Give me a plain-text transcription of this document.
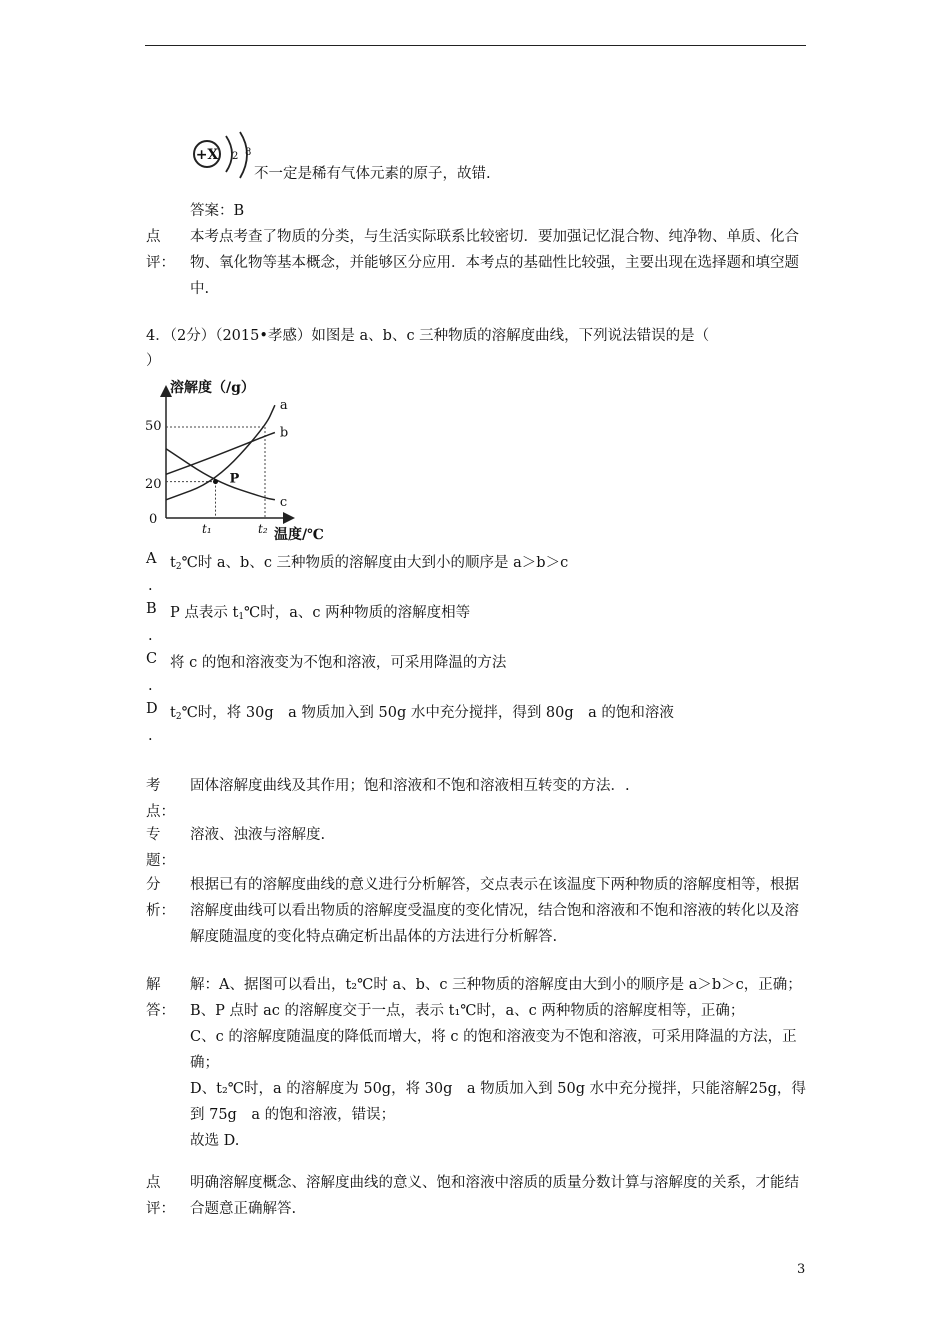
+X 2 8
不一定是稀有气体元素的原子，故错.
答案：B
点
评：
本考点考查了物质的分类，与生活实际联系比较密切．要加强记忆混合物、纯净物、单质、化合物、氧化物等基本概念，并能够区分应用．本考点的基础性比较强，主要出现在选择题和填空题中.
4．（2分）（2015•孝感）如图是 a、b、c 三种物质的溶解度曲线，下列说法错误的是（
）
溶解度（/g）
温度/℃
50
20
0
t₁	t₂
a
b
c
P
A $t_2℃$时 a、b、c 三种物质的溶解度由大到小的顺序是 a＞b＞c
.
B P 点表示 $t_1℃$时，a、c 两种物质的溶解度相等
.
C 将 c 的饱和溶液变为不饱和溶液，可采用降温的方法
.
D $t_2℃$时，将 30g　a 物质加入到 50g 水中充分搅拌，得到 80g　a 的饱和溶液
.
考
点：
固体溶解度曲线及其作用；饱和溶液和不饱和溶液相互转变的方法．.
专
题：
溶液、浊液与溶解度.
分
析：
根据已有的溶解度曲线的意义进行分析解答，交点表示在该温度下两种物质的溶解度相等，根据溶解度曲线可以看出物质的溶解度受温度的变化情况，结合饱和溶液和不饱和溶液的转化以及溶解度随温度的变化特点确定析出晶体的方法进行分析解答.
解
答：
解：A、据图可以看出，t₂℃时 a、b、c 三种物质的溶解度由大到小的顺序是 a＞b＞c，正确；
B、P 点时 ac 的溶解度交于一点，表示 t₁℃时，a、c 两种物质的溶解度相等，正确；
C、c 的溶解度随温度的降低而增大，将 c 的饱和溶液变为不饱和溶液，可采用降温的方法，正确；
D、t₂℃时，a 的溶解度为 50g，将 30g　a 物质加入到 50g 水中充分搅拌，只能溶解25g，得到 75g　a 的饱和溶液，错误；
故选 D.
点
评：
明确溶解度概念、溶解度曲线的意义、饱和溶液中溶质的质量分数计算与溶解度的关系，才能结合题意正确解答.
3
